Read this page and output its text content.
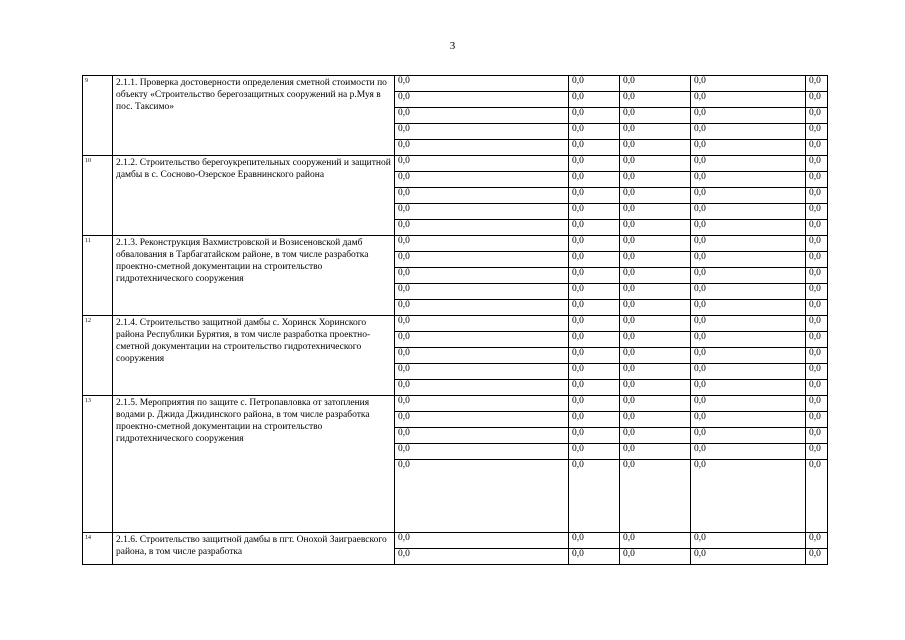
3
9	2.1.1. Проверка достоверности определения сметной стоимости по объекту «Строительство берегозащитных сооружений на р.Муя в пос. Таксимо»	0,0	0,0	0,0	0,0	0,0
		0,0	0,0	0,0	0,0	0,0
		0,0	0,0	0,0	0,0	0,0
		0,0	0,0	0,0	0,0	0,0
		0,0	0,0	0,0	0,0	0,0
10	2.1.2. Строительство берегоукрепительных сооружений и защитной дамбы в с. Сосново-Озерское Еравнинского района	0,0	0,0	0,0	0,0	0,0
		0,0	0,0	0,0	0,0	0,0
		0,0	0,0	0,0	0,0	0,0
		0,0	0,0	0,0	0,0	0,0
		0,0	0,0	0,0	0,0	0,0
11	2.1.3. Реконструкция Вахмистровской и Возисеновской дамб обвалования в Тарбагатайском районе, в том числе разработка проектно-сметной документации на строительство гидротехнического сооружения	0,0	0,0	0,0	0,0	0,0
		0,0	0,0	0,0	0,0	0,0
		0,0	0,0	0,0	0,0	0,0
		0,0	0,0	0,0	0,0	0,0
		0,0	0,0	0,0	0,0	0,0
12	2.1.4. Строительство защитной дамбы с. Хоринск Хоринского района Республики Бурятия, в том числе разработка проектно-сметной документации на строительство гидротехнического сооружения	0,0	0,0	0,0	0,0	0,0
		0,0	0,0	0,0	0,0	0,0
		0,0	0,0	0,0	0,0	0,0
		0,0	0,0	0,0	0,0	0,0
		0,0	0,0	0,0	0,0	0,0
13	2.1.5. Мероприятия по защите с. Петропавловка от затопления водами р. Джида Джидинского района, в том числе разработка проектно-сметной документации на строительство гидротехнического сооружения	0,0	0,0	0,0	0,0	0,0
		0,0	0,0	0,0	0,0	0,0
		0,0	0,0	0,0	0,0	0,0
		0,0	0,0	0,0	0,0	0,0
		0,0	0,0	0,0	0,0	0,0
14	2.1.6. Строительство защитной дамбы в пгт. Онохой Заиграевского района, в том числе разработка	0,0	0,0	0,0	0,0	0,0
		0,0	0,0	0,0	0,0	0,0
